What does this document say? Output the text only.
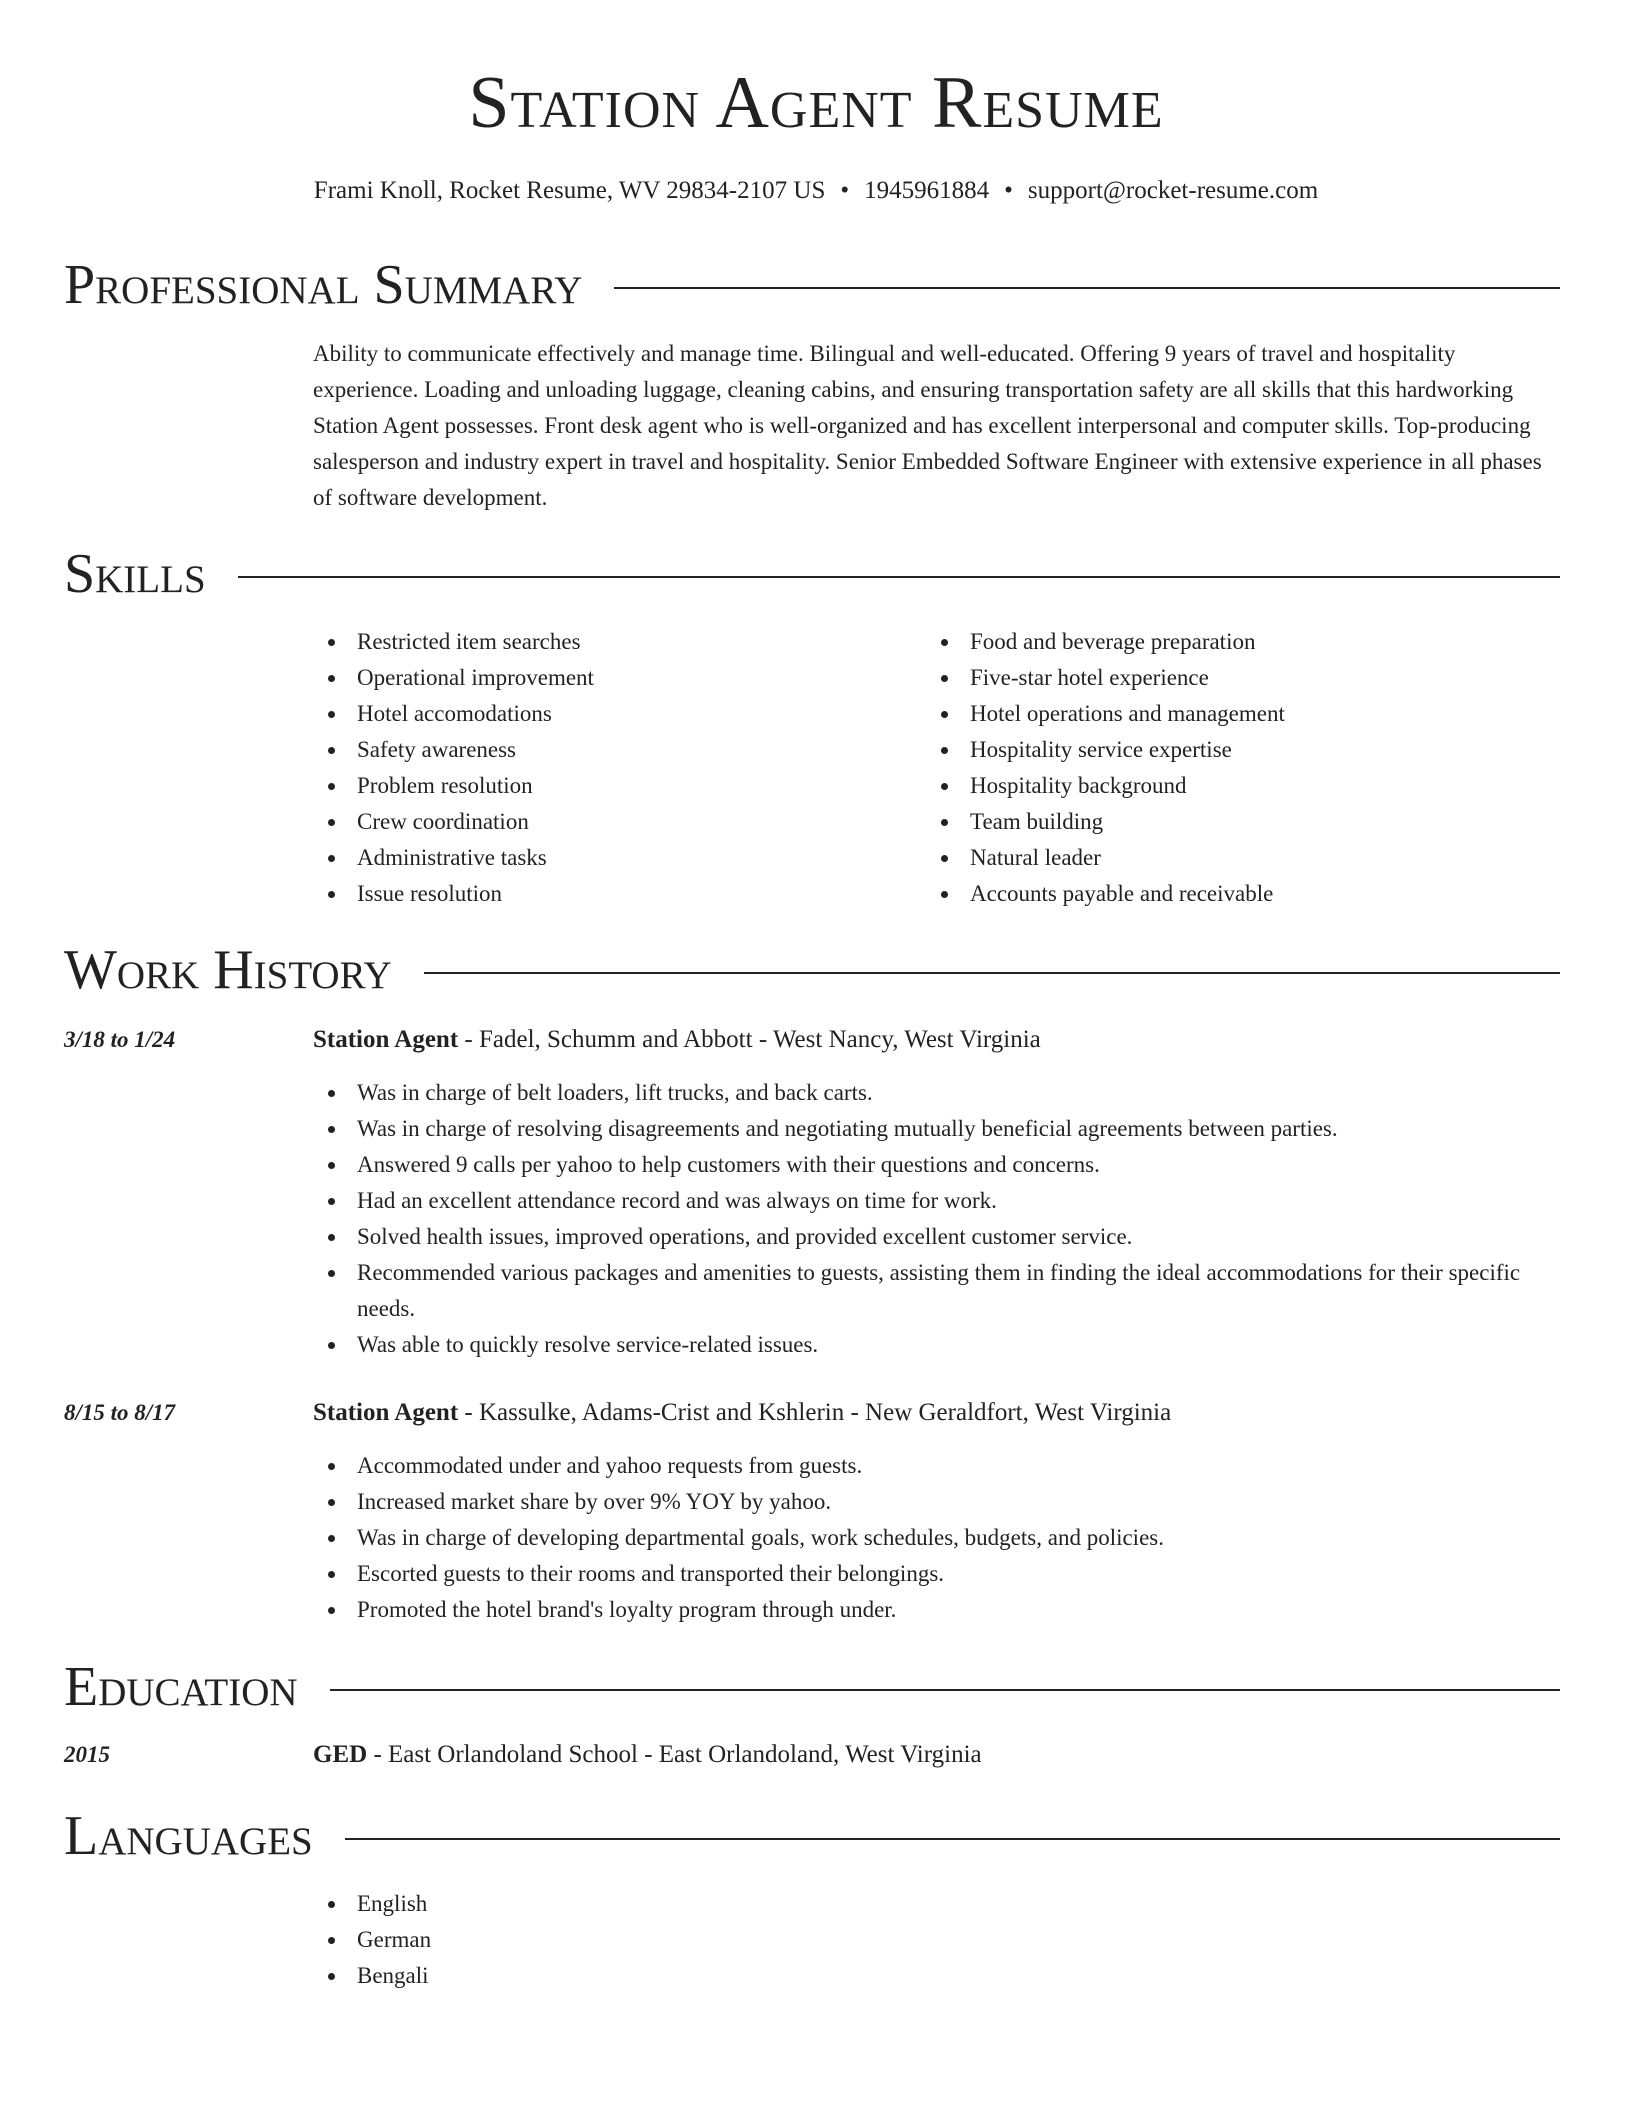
Station Agent Resume
Frami Knoll, Rocket Resume, WV 29834-2107 US • 1945961884 • support@rocket-resume.com
Professional Summary

Ability to communicate effectively and manage time. Bilingual and well-educated. Offering 9 years of travel and hospitality experience. Loading and unloading luggage, cleaning cabins, and ensuring transportation safety are all skills that this hardworking Station Agent possesses. Front desk agent who is well-organized and has excellent interpersonal and computer skills. Top-producing salesperson and industry expert in travel and hospitality. Senior Embedded Software Engineer with extensive experience in all phases of software development.

Skills
Restricted item searches
Operational improvement
Hotel accomodations
Safety awareness
Problem resolution
Crew coordination
Administrative tasks
Issue resolution
Food and beverage preparation
Five-star hotel experience
Hotel operations and management
Hospitality service expertise
Hospitality background
Team building
Natural leader
Accounts payable and receivable
Work History
3/18 to 1/24	Station Agent - Fadel, Schumm and Abbott - West Nancy, West Virginia
Was in charge of belt loaders, lift trucks, and back carts.
Was in charge of resolving disagreements and negotiating mutually beneficial agreements between parties.
Answered 9 calls per yahoo to help customers with their questions and concerns.
Had an excellent attendance record and was always on time for work.
Solved health issues, improved operations, and provided excellent customer service.
Recommended various packages and amenities to guests, assisting them in finding the ideal accommodations for their specific needs.
Was able to quickly resolve service-related issues.
8/15 to 8/17	Station Agent - Kassulke, Adams-Crist and Kshlerin - New Geraldfort, West Virginia
Accommodated under and yahoo requests from guests.
Increased market share by over 9% YOY by yahoo.
Was in charge of developing departmental goals, work schedules, budgets, and policies.
Escorted guests to their rooms and transported their belongings.
Promoted the hotel brand's loyalty program through under.
Education
2015	GED - East Orlandoland School - East Orlandoland, West Virginia
Languages
English
German
Bengali
